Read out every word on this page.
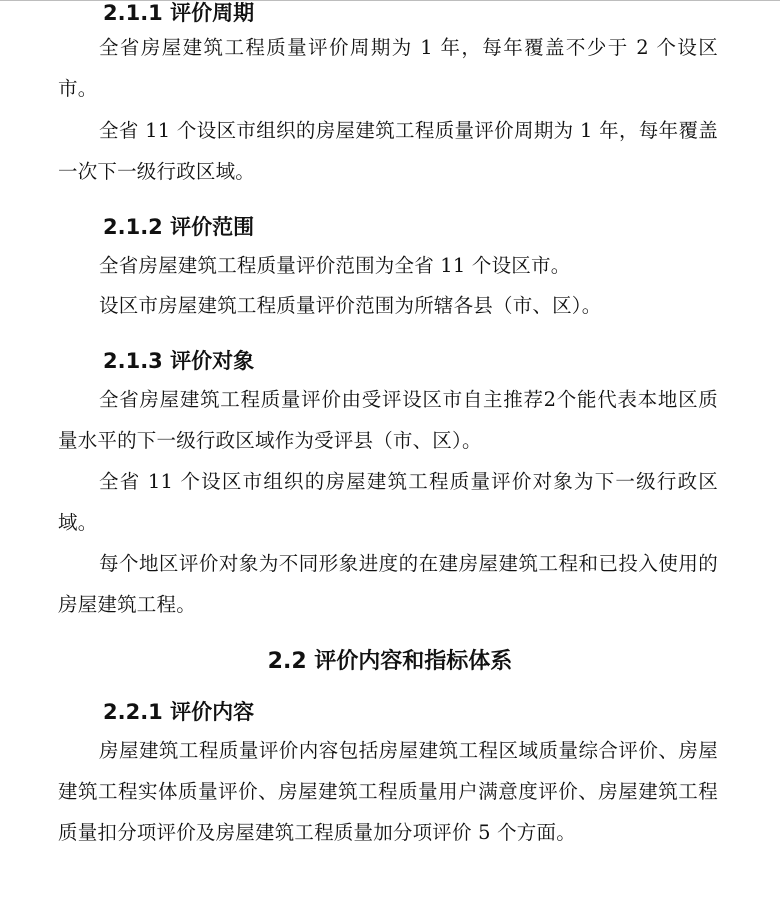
2.1.1 评价周期
全省房屋建筑工程质量评价周期为 1 年，每年覆盖不少于 2 个设区市。
全省 11 个设区市组织的房屋建筑工程质量评价周期为 1 年，每年覆盖一次下一级行政区域。
2.1.2 评价范围
全省房屋建筑工程质量评价范围为全省 11 个设区市。
设区市房屋建筑工程质量评价范围为所辖各县（市、区）。
2.1.3 评价对象
全省房屋建筑工程质量评价由受评设区市自主推荐2个能代表本地区质量水平的下一级行政区域作为受评县（市、区）。
全省 11 个设区市组织的房屋建筑工程质量评价对象为下一级行政区域。
每个地区评价对象为不同形象进度的在建房屋建筑工程和已投入使用的房屋建筑工程。
2.2 评价内容和指标体系
2.2.1 评价内容
房屋建筑工程质量评价内容包括房屋建筑工程区域质量综合评价、房屋建筑工程实体质量评价、房屋建筑工程质量用户满意度评价、房屋建筑工程质量扣分项评价及房屋建筑工程质量加分项评价 5 个方面。
